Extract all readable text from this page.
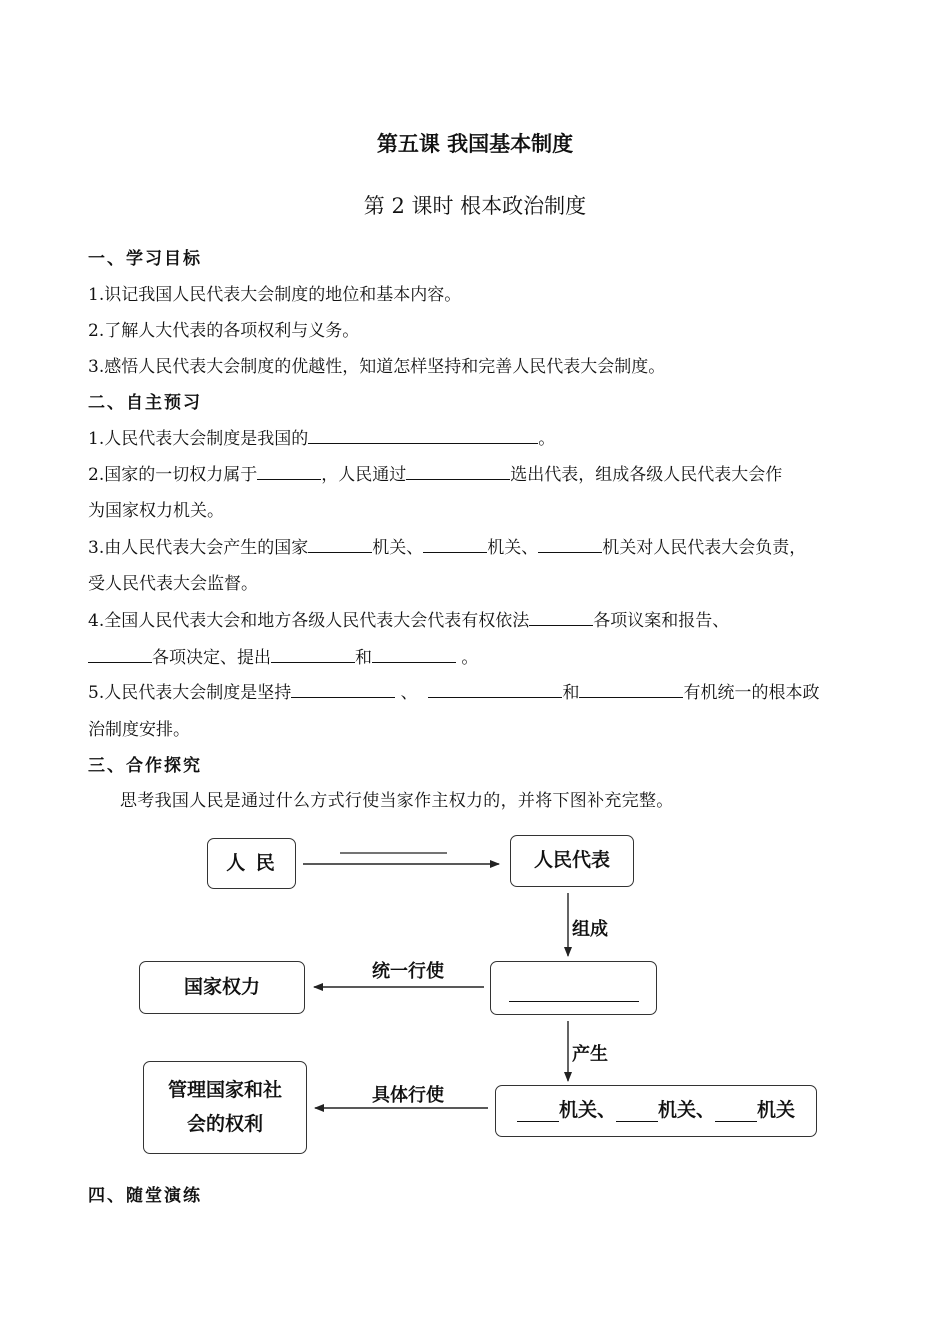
第五课 我国基本制度
第 2 课时 根本政治制度
一、学习目标
1.识记我国人民代表大会制度的地位和基本内容。
2.了解人大代表的各项权利与义务。
3.感悟人民代表大会制度的优越性，知道怎样坚持和完善人民代表大会制度。
二、自主预习
1.人民代表大会制度是我国的	。
2.国家的一切权力属于	，人民通过	选出代表，组成各级人民代表大会作
为国家权力机关。
3.由人民代表大会产生的国家	机关、	机关、	机关对人民代表大会负责，
受人民代表大会监督。
4.全国人民代表大会和地方各级人民代表大会代表有权依法	各项议案和报告、
各项决定、提出	和	。
5.人民代表大会制度是坚持	、	和	有机统一的根本政
治制度安排。
三、合作探究
思考我国人民是通过什么方式行使当家作主权力的，并将下图补充完整。
人 民	人民代表
组成
国家权力
统一行使
产生
管理国家和社
会的权利
具体行使
机关、 机关、 机关
四、随堂演练
